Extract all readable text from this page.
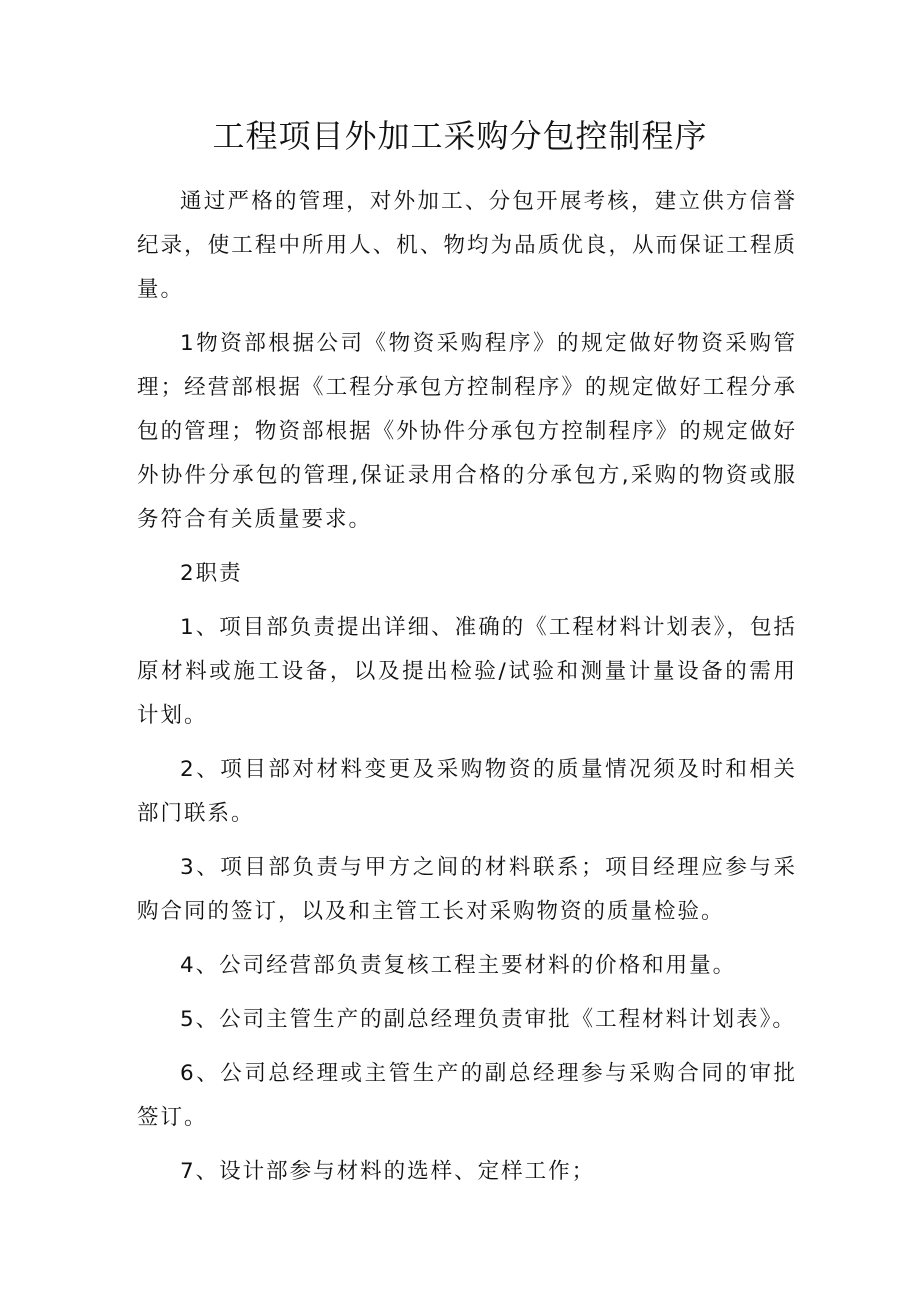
工程项目外加工采购分包控制程序

通过严格的管理，对外加工、分包开展考核，建立供方信誉纪录，使工程中所用人、机、物均为品质优良，从而保证工程质量。

1物资部根据公司《物资采购程序》的规定做好物资采购管理；经营部根据《工程分承包方控制程序》的规定做好工程分承包的管理；物资部根据《外协件分承包方控制程序》的规定做好外协件分承包的管理,保证录用合格的分承包方,采购的物资或服务符合有关质量要求。

2职责

1、项目部负责提出详细、准确的《工程材料计划表》，包括原材料或施工设备，以及提出检验/试验和测量计量设备的需用计划。

2、项目部对材料变更及采购物资的质量情况须及时和相关部门联系。

3、项目部负责与甲方之间的材料联系；项目经理应参与采购合同的签订，以及和主管工长对采购物资的质量检验。

4、公司经营部负责复核工程主要材料的价格和用量。

5、公司主管生产的副总经理负责审批《工程材料计划表》。

6、公司总经理或主管生产的副总经理参与采购合同的审批签订。

7、设计部参与材料的选样、定样工作；
